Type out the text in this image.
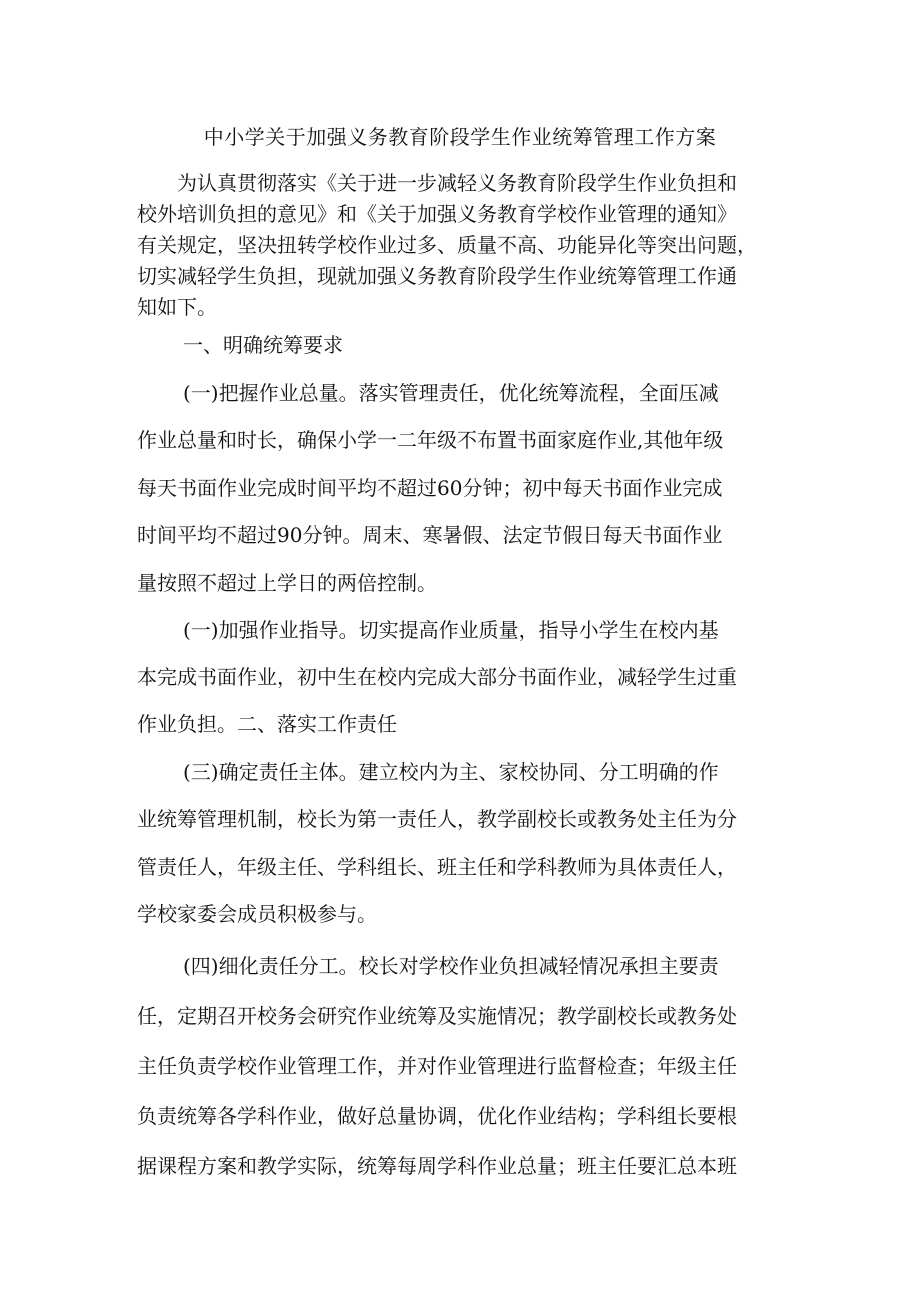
中小学关于加强义务教育阶段学生作业统筹管理工作方案
为认真贯彻落实《关于进一步减轻义务教育阶段学生作业负担和
校外培训负担的意见》和《关于加强义务教育学校作业管理的通知》
有关规定，坚决扭转学校作业过多、质量不高、功能异化等突出问题，
切实减轻学生负担，现就加强义务教育阶段学生作业统筹管理工作通
知如下。
一、明确统筹要求
(一)把握作业总量。落实管理责任，优化统筹流程，全面压减
作业总量和时长，确保小学一二年级不布置书面家庭作业,其他年级
每天书面作业完成时间平均不超过60分钟；初中每天书面作业完成
时间平均不超过90分钟。周末、寒暑假、法定节假日每天书面作业
量按照不超过上学日的两倍控制。
(一)加强作业指导。切实提高作业质量，指导小学生在校内基
本完成书面作业，初中生在校内完成大部分书面作业，减轻学生过重
作业负担。二、落实工作责任
(三)确定责任主体。建立校内为主、家校协同、分工明确的作
业统筹管理机制，校长为第一责任人，教学副校长或教务处主任为分
管责任人，年级主任、学科组长、班主任和学科教师为具体责任人，
学校家委会成员积极参与。
(四)细化责任分工。校长对学校作业负担减轻情况承担主要责
任，定期召开校务会研究作业统筹及实施情况；教学副校长或教务处
主任负责学校作业管理工作，并对作业管理进行监督检查；年级主任
负责统筹各学科作业，做好总量协调，优化作业结构；学科组长要根
据课程方案和教学实际，统筹每周学科作业总量；班主任要汇总本班
